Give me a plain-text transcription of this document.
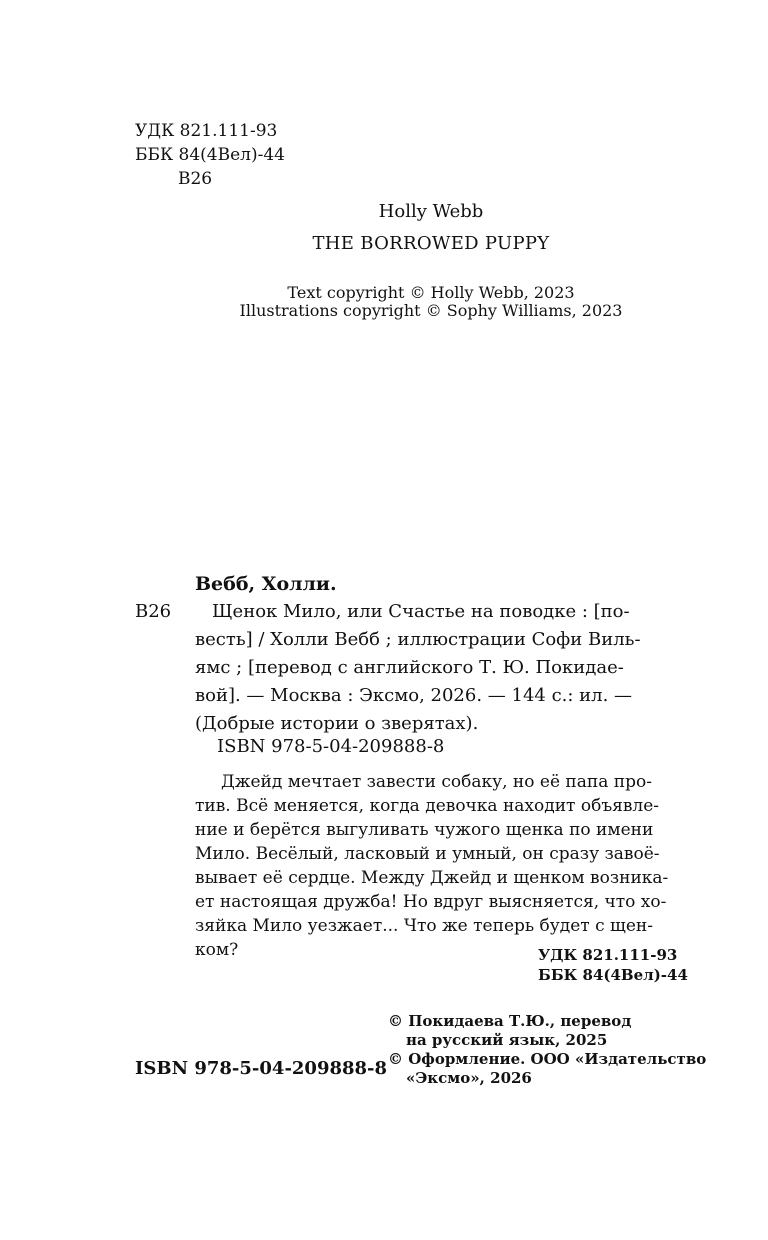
УДК 821.111-93
ББК 84(4Вел)-44
В26
Holly Webb
THE BORROWED PUPPY
Text copyright © Holly Webb, 2023
Illustrations copyright © Sophy Williams, 2023
Вебб, Холли.
В26	Щенок Мило, или Счастье на поводке : [по-
весть] / Холли Вебб ; иллюстрации Софи Виль-
ямс ; [перевод с английского Т. Ю. Покидае-
вой]. — Москва : Эксмо, 2026. — 144 с.: ил. —
(Добрые истории о зверятах).
ISBN 978-5-04-209888-8
Джейд мечтает завести собаку, но её папа про-
тив. Всё меняется, когда девочка находит объявле-
ние и берётся выгуливать чужого щенка по имени
Мило. Весёлый, ласковый и умный, он сразу завоё-
вывает её сердце. Между Джейд и щенком возника-
ет настоящая дружба! Но вдруг выясняется, что хо-
зяйка Мило уезжает... Что же теперь будет с щен-
ком?	УДК 821.111-93
ББК 84(4Вел)-44
© Покидаева Т.Ю., перевод
на русский язык, 2025
© Оформление. ООО «Издательство
«Эксмо», 2026
ISBN 978-5-04-209888-8
